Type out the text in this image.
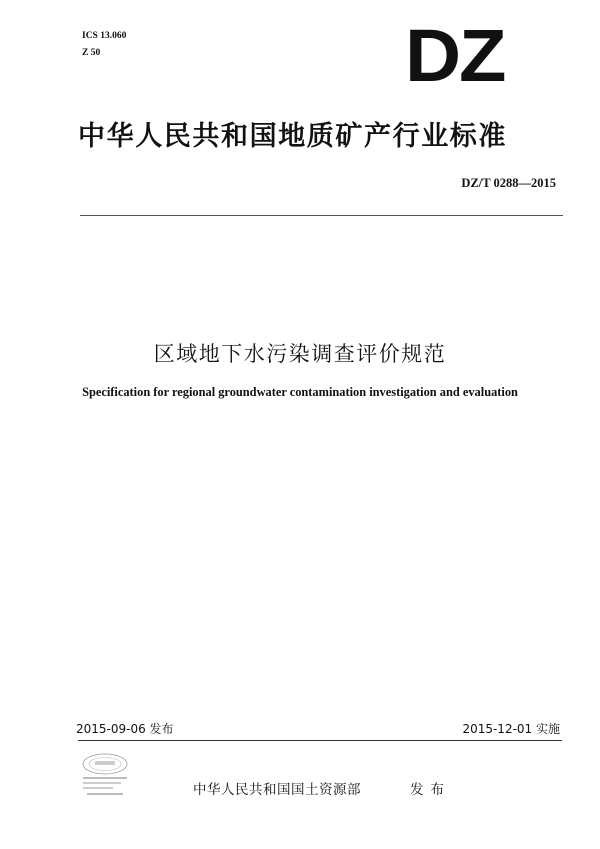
ICS 13.060
Z 50	DZ
中华人民共和国地质矿产行业标准
DZ/T 0288—2015
区域地下水污染调查评价规范
Specification for regional groundwater contamination investigation and evaluation
2015-09-06 发布	2015-12-01 实施
中华人民共和国国土资源部	发布
